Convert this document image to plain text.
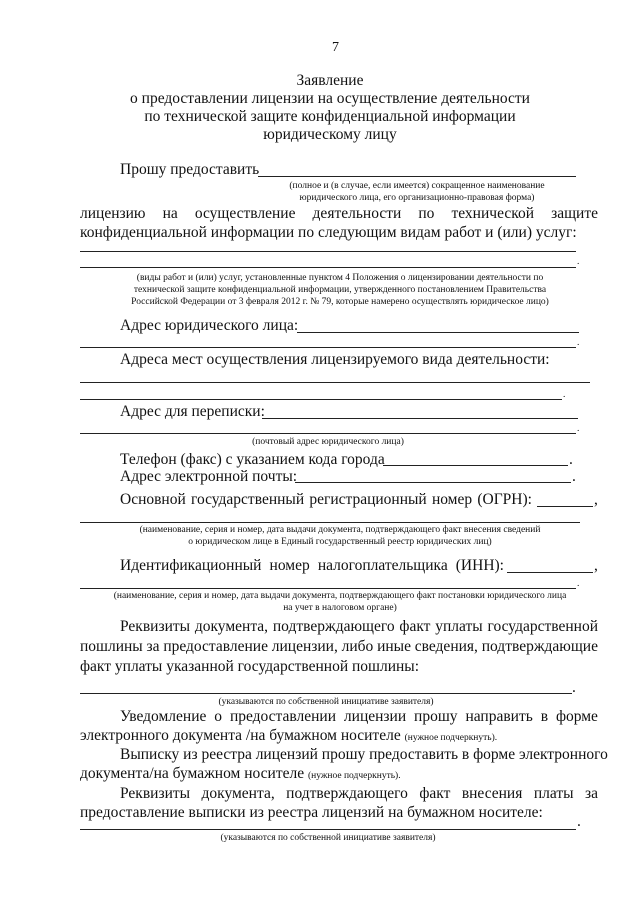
7
Заявление
о предоставлении лицензии на осуществление деятельности
по технической защите конфиденциальной информации
юридическому лицу
Прошу предоставить
(полное и (в случае, если имеется) сокращенное наименование
юридического лица, его организационно-правовая форма)
лицензию на осуществление деятельности по технической защите
конфиденциальной информации по следующим видам работ и (или) услуг:
.
(виды работ и (или) услуг, установленные пунктом 4 Положения о лицензировании деятельности по
технической защите конфиденциальной информации, утвержденного постановлением Правительства
Российской Федерации от 3 февраля 2012 г. № 79, которые намерено осуществлять юридическое лицо)
Адрес юридического лица:
.
Адреса мест осуществления лицензируемого вида деятельности:
.
Адрес для переписки:
.
(почтовый адрес юридического лица)
Телефон (факс) с указанием кода города	.
Адрес электронной почты:	.
Основной государственный регистрационный номер (ОГРН):	,
(наименование, серия и номер, дата выдачи документа, подтверждающего факт внесения сведений
о юридическом лице в Единый государственный реестр юридических лиц)
Идентификационный номер налогоплательщика (ИНН):	,
.
(наименование, серия и номер, дата выдачи документа, подтверждающего факт постановки юридического лица
на учет в налоговом органе)
Реквизиты документа, подтверждающего факт уплаты государственной
пошлины за предоставление лицензии, либо иные сведения, подтверждающие
факт уплаты указанной государственной пошлины:
.
(указываются по собственной инициативе заявителя)
Уведомление о предоставлении лицензии прошу направить в форме
электронного документа /на бумажном носителе (нужное подчеркнуть).
Выписку из реестра лицензий прошу предоставить в форме электронного
документа/на бумажном носителе (нужное подчеркнуть).
Реквизиты документа, подтверждающего факт внесения платы за
предоставление выписки из реестра лицензий на бумажном носителе:
.
(указываются по собственной инициативе заявителя)
